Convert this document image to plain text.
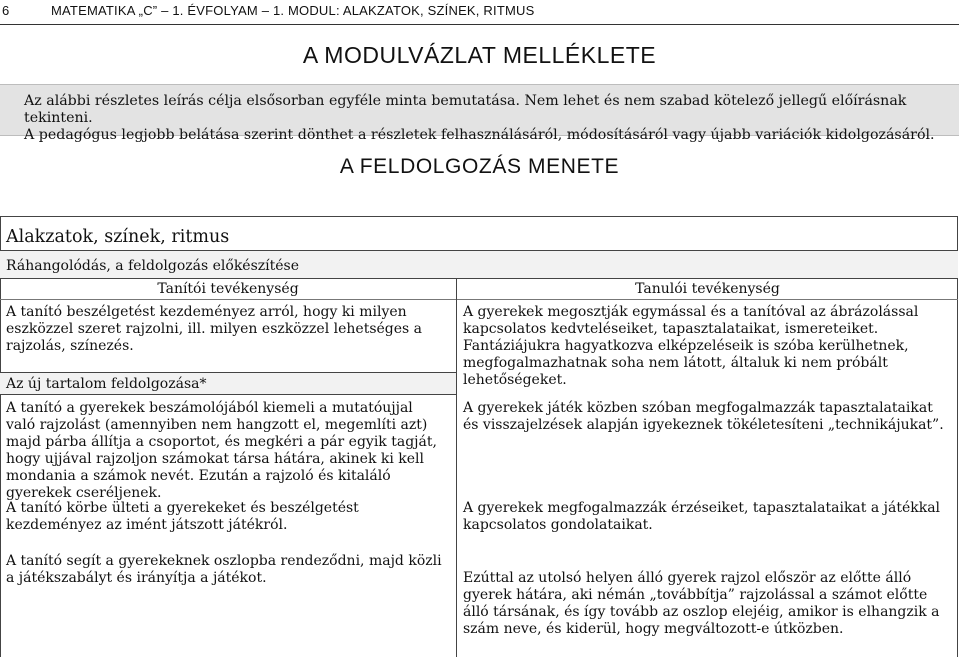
6	MATEMATIKA „C” – 1. ÉVFOLYAM – 1. MODUL: ALAKZATOK, SZÍNEK, RITMUS
A MODULVÁZLAT MELLÉKLETE
Az alábbi részletes leírás célja elsősorban egyféle minta bemutatása. Nem lehet és nem szabad kötelező jellegű előírásnak tekinteni.
A pedagógus legjobb belátása szerint dönthet a részletek felhasználásáról, módosításáról vagy újabb variációk kidolgozásáról.
A FELDOLGOZÁS MENETE
Alakzatok, színek, ritmus
Ráhangolódás, a feldolgozás előkészítése
Tanítói tevékenység	Tanulói tevékenység

A tanító beszélgetést kezdeményez arról, hogy ki milyen eszközzel szeret rajzolni, ill. milyen eszközzel lehetséges a rajzolás, színezés.

Az új tartalom feldolgozása*

A tanító a gyerekek beszámolójából kiemeli a mutatóujjal való rajzolást (amennyiben nem hangzott el, megemlíti azt) majd párba állítja a csoportot, és megkéri a pár egyik tagját, hogy ujjával rajzoljon számokat társa hátára, akinek ki kell mondania a számok nevét. Ezután a rajzoló és kitaláló gyerekek cseréljenek.

A tanító körbe ülteti a gyerekeket és beszélgetést kezdeményez az imént játszott játékról.

A tanító segít a gyerekeknek oszlopba rendeződni, majd közli a játékszabályt és irányítja a játékot.

A gyerekek megosztják egymással és a tanítóval az ábrázolással kapcsolatos kedvteléseiket, tapasztalataikat, ismereteiket. Fantáziájukra hagyatkozva elképzeléseik is szóba kerülhetnek, megfogalmazhatnak soha nem látott, általuk ki nem próbált lehetőségeket.

A gyerekek játék közben szóban megfogalmazzák tapasztalataikat és visszajelzések alapján igyekeznek tökéletesíteni „technikájukat”.

A gyerekek megfogalmazzák érzéseiket, tapasztalataikat a játékkal kapcsolatos gondolataikat.

Ezúttal az utolsó helyen álló gyerek rajzol először az előtte álló gyerek hátára, aki némán „továbbítja” rajzolással a számot előtte álló társának, és így tovább az oszlop elejéig, amikor is elhangzik a szám neve, és kiderül, hogy megváltozott-e útközben.
